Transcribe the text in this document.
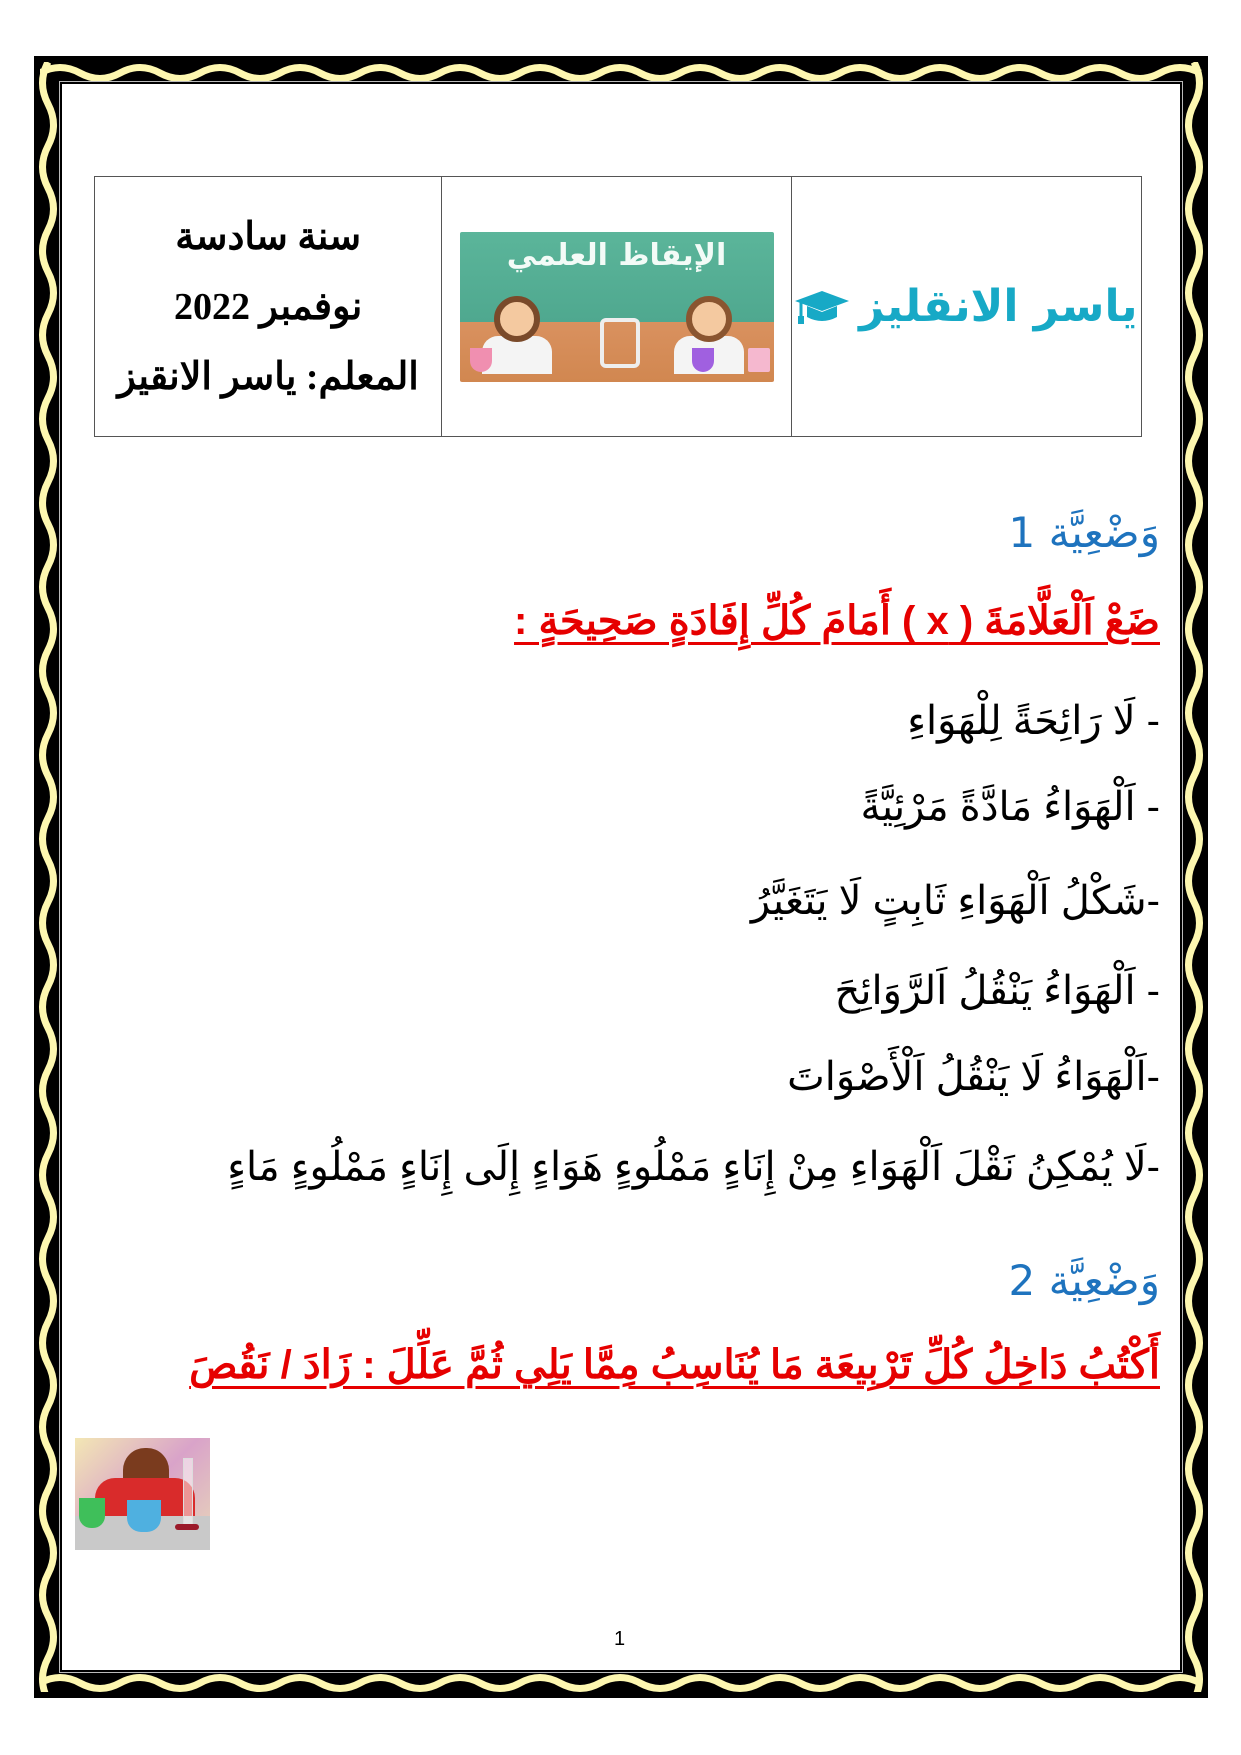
ياسر الانقليز
الإيقاظ العلمي
سنة سادسة
نوفمبر 2022
المعلم: ياسر الانقيز
وَضْعِيَّة 1
ضَعْ اَلْعَلَّامَةَ ( x ) أَمَامَ كُلِّ إِفَادَةٍ صَحِيحَةٍ :
- لَا رَائِحَةً لِلْهَوَاءِ
- اَلْهَوَاءُ مَادَّةً مَرْئِيَّةً
-شَكْلُ اَلْهَوَاءِ ثَابِتٍ لَا يَتَغَيَّرُ
- اَلْهَوَاءُ يَنْقُلُ اَلرَّوَائِحَ
-اَلْهَوَاءُ لَا يَنْقُلُ اَلْأَصْوَاتَ
-لَا يُمْكِنُ نَقْلَ اَلْهَوَاءِ مِنْ إِنَاءٍ مَمْلُوءٍ هَوَاءٍ إِلَى إِنَاءٍ مَمْلُوءٍ مَاءٍ
وَضْعِيَّة 2
أَكْتُبُ دَاخِلُ كُلِّ تَرْبِيعَة مَا يُنَاسِبُ مِمَّا يَلِي ثُمَّ عَلِّلَ : زَادَ / نَقُصَ
1
